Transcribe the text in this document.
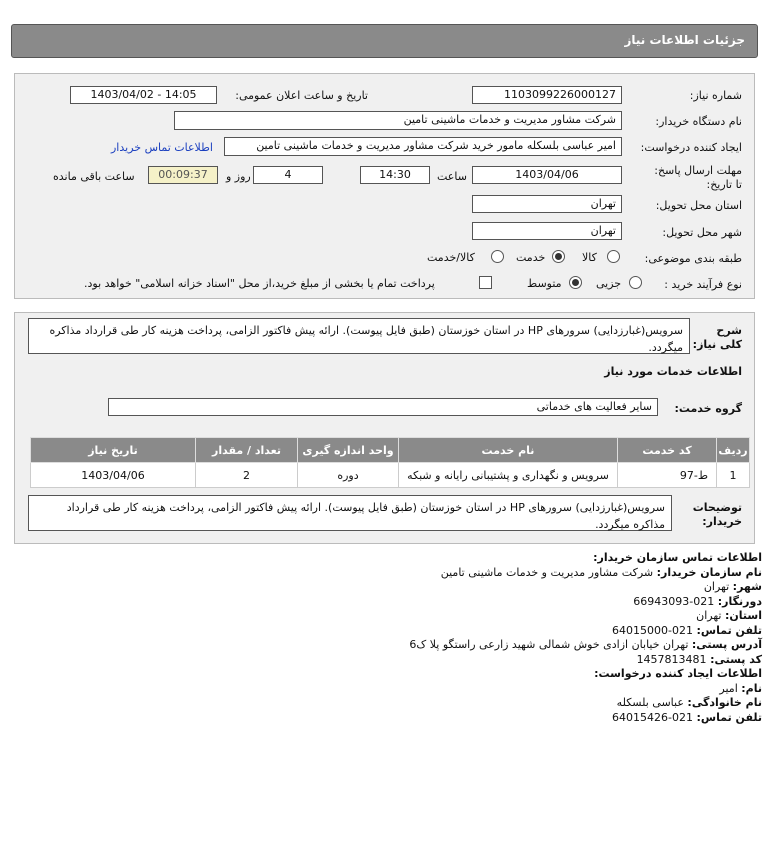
جزئیات اطلاعات نیاز
شماره نیاز:
1103099226000127
تاریخ و ساعت اعلان عمومی:
1403/04/02 - 14:05
نام دستگاه خریدار:
شرکت مشاور مدیریت و خدمات ماشینی تامین
ایجاد کننده درخواست:
امیر عباسی بلسکله مامور خرید شرکت مشاور مدیریت و خدمات ماشینی تامین
اطلاعات تماس خریدار
مهلت ارسال پاسخ: تا تاریخ:
1403/04/06
ساعت
14:30
4
روز و
00:09:37
ساعت باقی مانده
استان محل تحویل:
تهران
شهر محل تحویل:
تهران
طبقه بندی موضوعی:
کالا
خدمت
کالا/خدمت
نوع فرآیند خرید :
جزیی
متوسط
پرداخت تمام یا بخشی از مبلغ خرید،از محل "اسناد خزانه اسلامی" خواهد بود.
شرح کلی نیاز:
سرویس(غبارزدایی) سرورهای HP در استان خوزستان (طبق فایل پیوست). ارائه پیش فاکتور الزامی، پرداخت هزینه کار طی قرارداد مذاکره میگردد.
اطلاعات خدمات مورد نیاز
گروه خدمت:
سایر فعالیت های خدماتی
ردیف	کد خدمت	نام خدمت	واحد اندازه گیری	تعداد / مقدار	تاریخ نیاز
1	ط-97	سرویس و نگهداری و پشتیبانی رایانه و شبکه	دوره	2	1403/04/06
توضیحات خریدار:
سرویس(غبارزدایی) سرورهای HP در استان خوزستان (طبق فایل پیوست). ارائه پیش فاکتور الزامی، پرداخت هزینه کار طی قرارداد مذاکره میگردد.
اطلاعات تماس سازمان خریدار:
نام سازمان خریدار: شرکت مشاور مدیریت و خدمات ماشینی تامین
شهر: تهران
دورنگار: 021-66943093
استان: تهران
تلفن تماس: 021-64015000
آدرس پستی: تهران خیابان ازادی خوش شمالی شهید زارعی راستگو پلا ک6
کد پستی: 1457813481
اطلاعات ایجاد کننده درخواست:
نام: امیر
نام خانوادگی: عباسی بلسکله
تلفن تماس: 021-64015426
